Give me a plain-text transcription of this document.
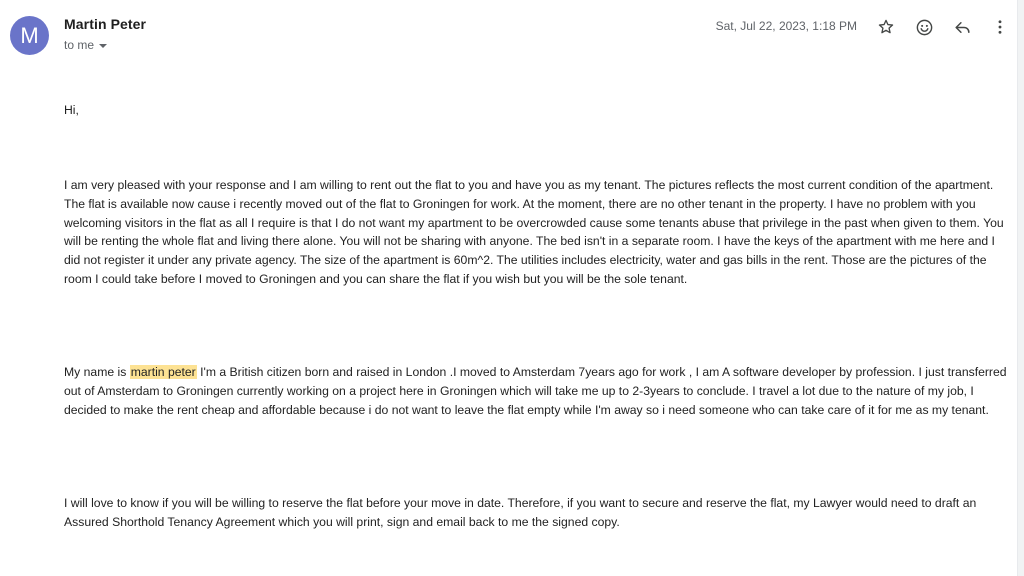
M Martin Peter
to me
Sat, Jul 22, 2023, 1:18 PM
Hi,
I am very pleased with your response and I am willing to rent out the flat to you and have you as my tenant. The pictures reflects the most current condition of the apartment. The flat is available now cause i recently moved out of the flat to Groningen for work. At the moment, there are no other tenant in the property. I have no problem with you welcoming visitors in the flat as all I require is that I do not want my apartment to be overcrowded cause some tenants abuse that privilege in the past when given to them. You will be renting the whole flat and living there alone. You will not be sharing with anyone. The bed isn't in a separate room. I have the keys of the apartment with me here and I did not register it under any private agency. The size of the apartment is 60m^2. The utilities includes electricity, water and gas bills in the rent. Those are the pictures of the room I could take before I moved to Groningen and you can share the flat if you wish but you will be the sole tenant.
My name is martin peter I'm a British citizen born and raised in London .I moved to Amsterdam 7years ago for work , I am A software developer by profession. I just transferred out of Amsterdam to Groningen currently working on a project here in Groningen which will take me up to 2-3years to conclude. I travel a lot due to the nature of my job, I decided to make the rent cheap and affordable because i do not want to leave the flat empty while I'm away so i need someone who can take care of it for me as my tenant.
I will love to know if you will be willing to reserve the flat before your move in date. Therefore, if you want to secure and reserve the flat, my Lawyer would need to draft an Assured Shorthold Tenancy Agreement which you will print, sign and email back to me the signed copy.
